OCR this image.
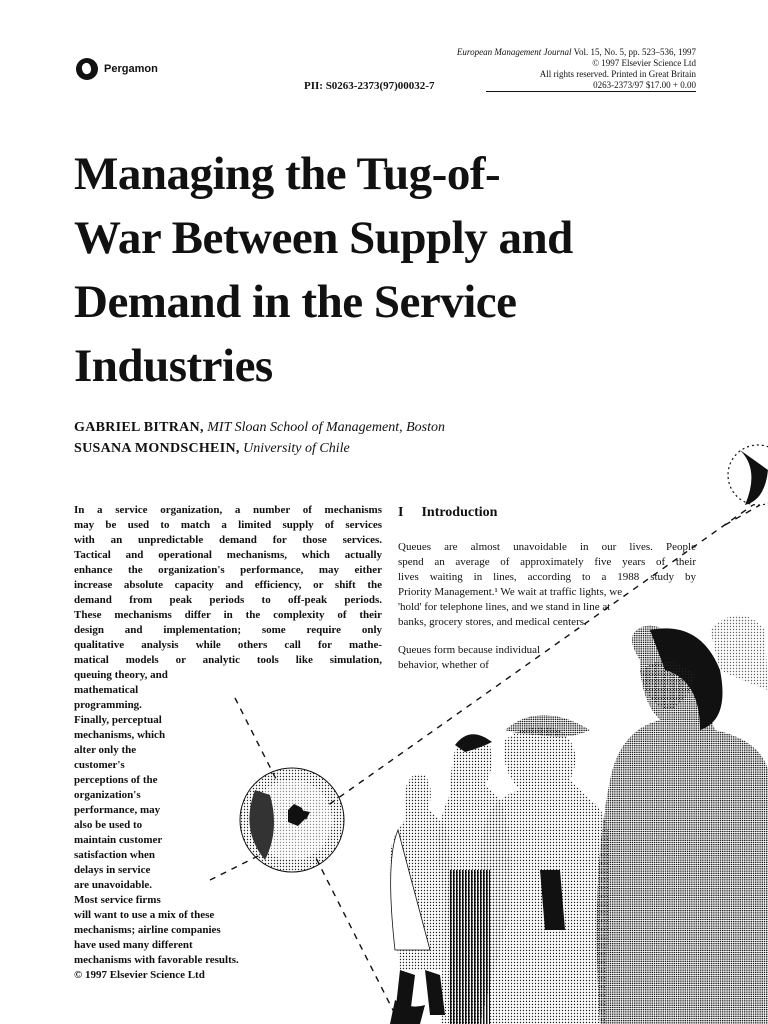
Pergamon
European Management Journal Vol. 15, No. 5, pp. 523–536, 1997
© 1997 Elsevier Science Ltd
All rights reserved. Printed in Great Britain
0263-2373/97 $17.00 + 0.00
PII: S0263-2373(97)00032-7
Managing the Tug-of-
War Between Supply and
Demand in the Service
Industries
GABRIEL BITRAN, MIT Sloan School of Management, Boston
SUSANA MONDSCHEIN, University of Chile
In a service organization, a number of mechanisms
may be used to match a limited supply of services
with an unpredictable demand for those services.
Tactical and operational mechanisms, which actually
enhance the organization's performance, may either
increase absolute capacity and efficiency, or shift the
demand from peak periods to off-peak periods.
These mechanisms differ in the complexity of their
design and implementation; some require only
qualitative analysis while others call for mathe-
matical models or analytic tools like simulation,
queuing theory, and
mathematical
programming.
Finally, perceptual
mechanisms, which
alter only the
customer's
perceptions of the
organization's
performance, may
also be used to
maintain customer
satisfaction when
delays in service
are unavoidable.
Most service firms
will want to use a mix of these
mechanisms; airline companies
have used many different
mechanisms with favorable results.
© 1997 Elsevier Science Ltd
I Introduction
Queues are almost unavoidable in our lives. People
spend an average of approximately five years of their
lives waiting in lines, according to a 1988 study by
Priority Management.¹ We wait at traffic lights, we
'hold' for telephone lines, and we stand in line at
banks, grocery stores, and medical centers.
Queues form because individual
behavior, whether of
